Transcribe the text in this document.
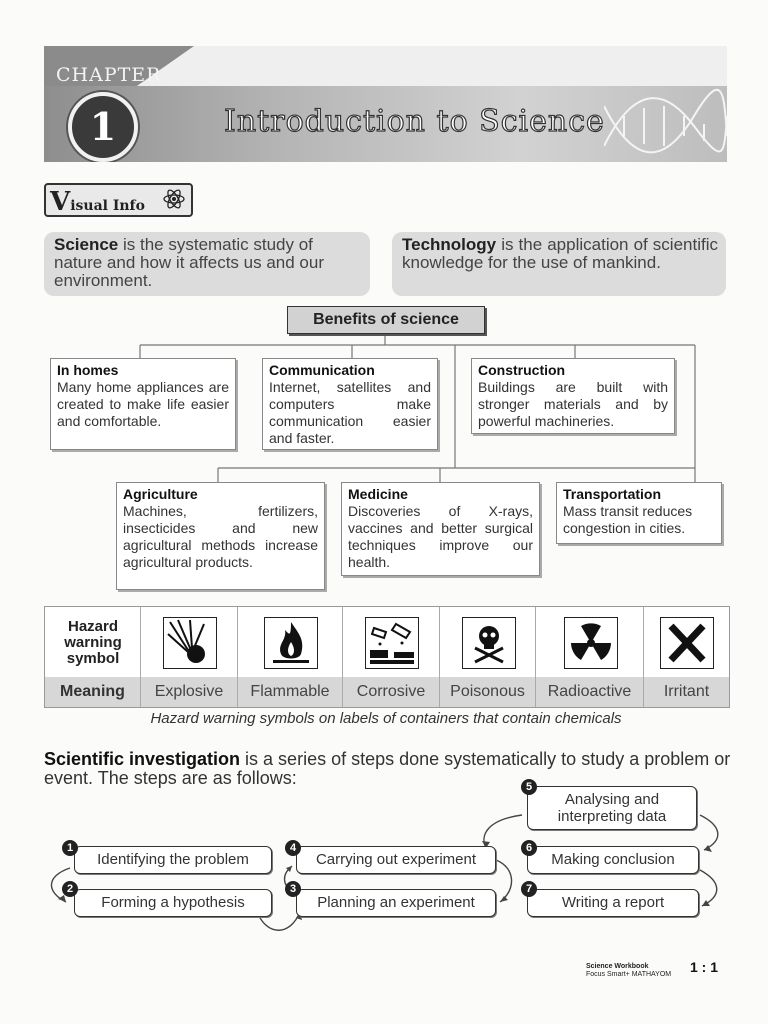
CHAPTER
1	Introduction to Science
Visual Info
Science is the systematic study of nature and how it affects us and our environment.
Technology is the application of scientific knowledge for the use of mankind.
In homes
Many home appliances are created to make life easier and comfortable.
Communication
Internet, satellites and computers make communication easier and faster.
Construction
Buildings are built with stronger materials and by powerful machineries.
Agriculture
Machines, fertilizers, insecticides and new agricultural methods increase agricultural products.
Medicine
Discoveries of X-rays, vaccines and better surgical techniques improve our health.
Transportation
Mass transit reduces congestion in cities.
Benefits of science
Hazard warning symbol
Meaning	Explosive	Flammable	Corrosive	Poisonous	Radioactive	Irritant
Hazard warning symbols on labels of containers that contain chemicals
Scientific investigation is a series of steps done systematically to study a problem or event. The steps are as follows:
Identifying the problem
1
Forming a hypothesis
2
Planning an experiment
3
Carrying out experiment
4
Analysing and interpreting data
5
Making conclusion
6
Writing a report
7
Science Workbook
Focus Smart+ MATHAYOM 1 : 1
